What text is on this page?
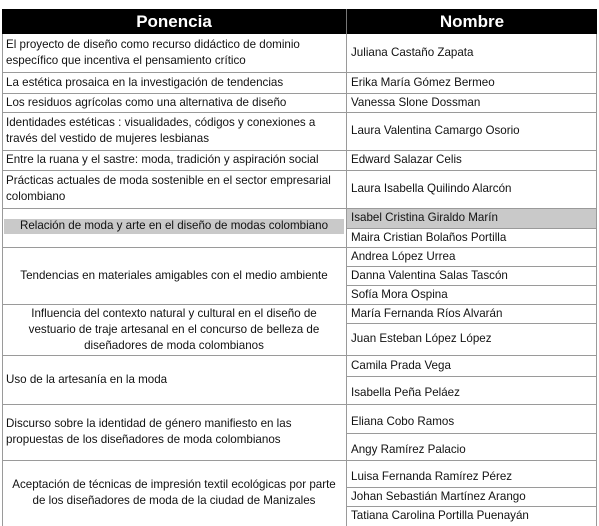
Ponencia	Nombre
El proyecto de diseño como recurso didáctico de dominio específico que incentiva el pensamiento crítico
La estética prosaica en la investigación de tendencias
Los residuos agrícolas como una alternativa de diseño
Identidades estéticas : visualidades, códigos y conexiones a través del vestido de mujeres lesbianas
Entre la ruana y el sastre: moda, tradición y aspiración social
Prácticas actuales de moda sostenible en el sector empresarial colombiano
Relación de moda y arte en el diseño de modas colombiano
Tendencias en materiales amigables con el medio ambiente
Influencia del contexto natural y cultural en el diseño de vestuario de traje artesanal en el concurso de belleza de diseñadores de moda colombianos
Uso de la artesanía en la moda
Discurso sobre la identidad de género manifiesto en las propuestas de los diseñadores de moda colombianos
Aceptación de técnicas de impresión textil ecológicas por parte de los diseñadores de moda de la ciudad de Manizales
Juliana Castaño Zapata
Erika María Gómez Bermeo
Vanessa Slone Dossman
Laura Valentina Camargo Osorio
Edward Salazar Celis
Laura Isabella Quilindo Alarcón
Isabel Cristina Giraldo Marín
Maira Cristian Bolaños Portilla
Andrea López Urrea
Danna Valentina Salas Tascón
Sofía Mora Ospina
María Fernanda Ríos Alvarán
Juan Esteban López López
Camila Prada Vega
Isabella Peña Peláez
Eliana Cobo Ramos
Angy Ramírez Palacio
Luisa Fernanda Ramírez Pérez
Johan Sebastián Martínez Arango
Tatiana Carolina Portilla Puenayán
